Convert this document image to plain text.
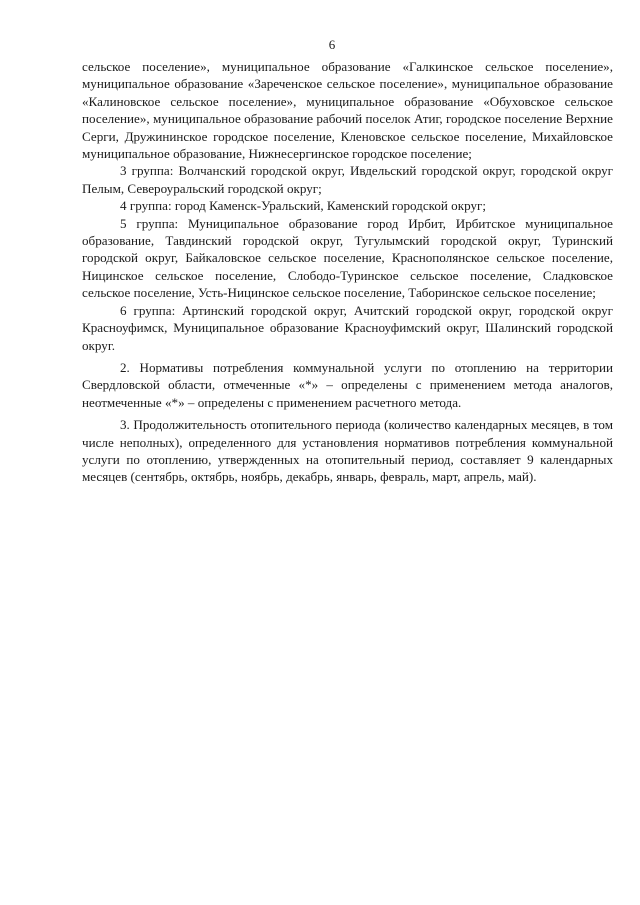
6

сельское поселение», муниципальное образование «Галкинское сельское поселение», муниципальное образование «Зареченское сельское поселение», муниципальное образование «Калиновское сельское поселение», муниципальное образование «Обуховское сельское поселение», муниципальное образование рабочий поселок Атиг, городское поселение Верхние Серги, Дружининское городское поселение, Кленовское сельское поселение, Михайловское муниципальное образование, Нижнесергинское городское поселение;

3 группа: Волчанский городской округ, Ивдельский городской округ, городской округ Пелым, Североуральский городской округ;

4 группа: город Каменск-Уральский, Каменский городской округ;

5 группа: Муниципальное образование город Ирбит, Ирбитское муниципальное образование, Тавдинский городской округ, Тугулымский городской округ, Туринский городской округ, Байкаловское сельское поселение, Краснополянское сельское поселение, Ницинское сельское поселение, Слободо-Туринское сельское поселение, Сладковское сельское поселение, Усть-Ницинское сельское поселение, Таборинское сельское поселение;

6 группа: Артинский городской округ, Ачитский городской округ, городской округ Красноуфимск, Муниципальное образование Красноуфимский округ, Шалинский городской округ.

2. Нормативы потребления коммунальной услуги по отоплению на территории Свердловской области, отмеченные «*» – определены с применением метода аналогов, неотмеченные «*» – определены с применением расчетного метода.

3. Продолжительность отопительного периода (количество календарных месяцев, в том числе неполных), определенного для установления нормативов потребления коммунальной услуги по отоплению, утвержденных на отопительный период, составляет 9 календарных месяцев (сентябрь, октябрь, ноябрь, декабрь, январь, февраль, март, апрель, май).
